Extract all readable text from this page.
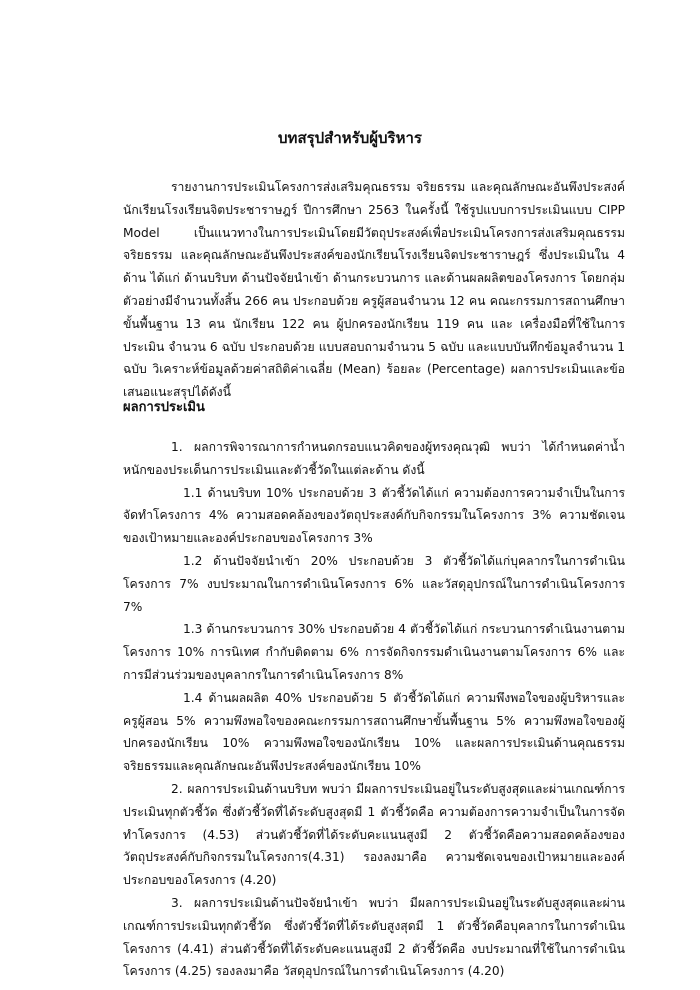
บทสรุปสำหรับผู้บริหาร

รายงานการประเมินโครงการส่งเสริมคุณธรรม จริยธรรม และคุณลักษณะอันพึงประสงค์ นักเรียนโรงเรียนจิตประชาราษฎร์ ปีการศึกษา 2563 ในครั้งนี้ ใช้รูปแบบการประเมินแบบ CIPP Model เป็นแนวทางในการประเมินโดยมีวัตถุประสงค์เพื่อประเมินโครงการส่งเสริมคุณธรรม จริยธรรม และคุณลักษณะอันพึงประสงค์ของนักเรียนโรงเรียนจิตประชาราษฎร์ ซึ่งประเมินใน 4 ด้าน ได้แก่ ด้านบริบท ด้านปัจจัยนำเข้า ด้านกระบวนการ และด้านผลผลิตของโครงการ โดยกลุ่มตัวอย่างมีจำนวนทั้งสิ้น 266 คน ประกอบด้วย ครูผู้สอนจำนวน 12 คน คณะกรรมการสถานศึกษาขั้นพื้นฐาน 13 คน นักเรียน 122 คน ผู้ปกครองนักเรียน 119 คน และ เครื่องมือที่ใช้ในการประเมิน จำนวน 6 ฉบับ ประกอบด้วย แบบสอบถามจำนวน 5 ฉบับ และแบบบันทึกข้อมูลจำนวน 1 ฉบับ วิเคราะห์ข้อมูลด้วยค่าสถิติค่าเฉลี่ย (Mean) ร้อยละ (Percentage) ผลการประเมินและข้อเสนอแนะสรุปได้ดังนี้

ผลการประเมิน

1. ผลการพิจารณาการกำหนดกรอบแนวคิดของผู้ทรงคุณวุฒิ พบว่า ได้กำหนดค่าน้ำหนักของประเด็นการประเมินและตัวชี้วัดในแต่ละด้าน ดังนี้

1.1 ด้านบริบท 10% ประกอบด้วย 3 ตัวชี้วัดได้แก่ ความต้องการความจำเป็นในการจัดทำโครงการ 4% ความสอดคล้องของวัตถุประสงค์กับกิจกรรมในโครงการ 3% ความชัดเจนของเป้าหมายและองค์ประกอบของโครงการ 3%

1.2 ด้านปัจจัยนำเข้า 20% ประกอบด้วย 3 ตัวชี้วัดได้แก่บุคลากรในการดำเนินโครงการ 7% งบประมาณในการดำเนินโครงการ 6% และวัสดุอุปกรณ์ในการดำเนินโครงการ 7%

1.3 ด้านกระบวนการ 30% ประกอบด้วย 4 ตัวชี้วัดได้แก่ กระบวนการดำเนินงานตามโครงการ 10% การนิเทศ กำกับติดตาม 6% การจัดกิจกรรมดำเนินงานตามโครงการ 6% และการมีส่วนร่วมของบุคลากรในการดำเนินโครงการ 8%

1.4 ด้านผลผลิต 40% ประกอบด้วย 5 ตัวชี้วัดได้แก่ ความพึงพอใจของผู้บริหารและครูผู้สอน 5% ความพึงพอใจของคณะกรรมการสถานศึกษาขั้นพื้นฐาน 5% ความพึงพอใจของผู้ปกครองนักเรียน 10% ความพึงพอใจของนักเรียน 10% และผลการประเมินด้านคุณธรรมจริยธรรมและคุณลักษณะอันพึงประสงค์ของนักเรียน 10%

2. ผลการประเมินด้านบริบท พบว่า มีผลการประเมินอยู่ในระดับสูงสุดและผ่านเกณฑ์การประเมินทุกตัวชี้วัด ซึ่งตัวชี้วัดที่ได้ระดับสูงสุดมี 1 ตัวชี้วัดคือ ความต้องการความจำเป็นในการจัดทำโครงการ (4.53) ส่วนตัวชี้วัดที่ได้ระดับคะแนนสูงมี 2 ตัวชี้วัดคือความสอดคล้องของวัตถุประสงค์กับกิจกรรมในโครงการ(4.31) รองลงมาคือ ความชัดเจนของเป้าหมายและองค์ประกอบของโครงการ (4.20)

3. ผลการประเมินด้านปัจจัยนำเข้า พบว่า มีผลการประเมินอยู่ในระดับสูงสุดและผ่านเกณฑ์การประเมินทุกตัวชี้วัด ซึ่งตัวชี้วัดที่ได้ระดับสูงสุดมี 1 ตัวชี้วัดคือบุคลากรในการดำเนินโครงการ (4.41) ส่วนตัวชี้วัดที่ได้ระดับคะแนนสูงมี 2 ตัวชี้วัดคือ งบประมาณที่ใช้ในการดำเนินโครงการ (4.25) รองลงมาคือ วัสดุอุปกรณ์ในการดำเนินโครงการ (4.20)
